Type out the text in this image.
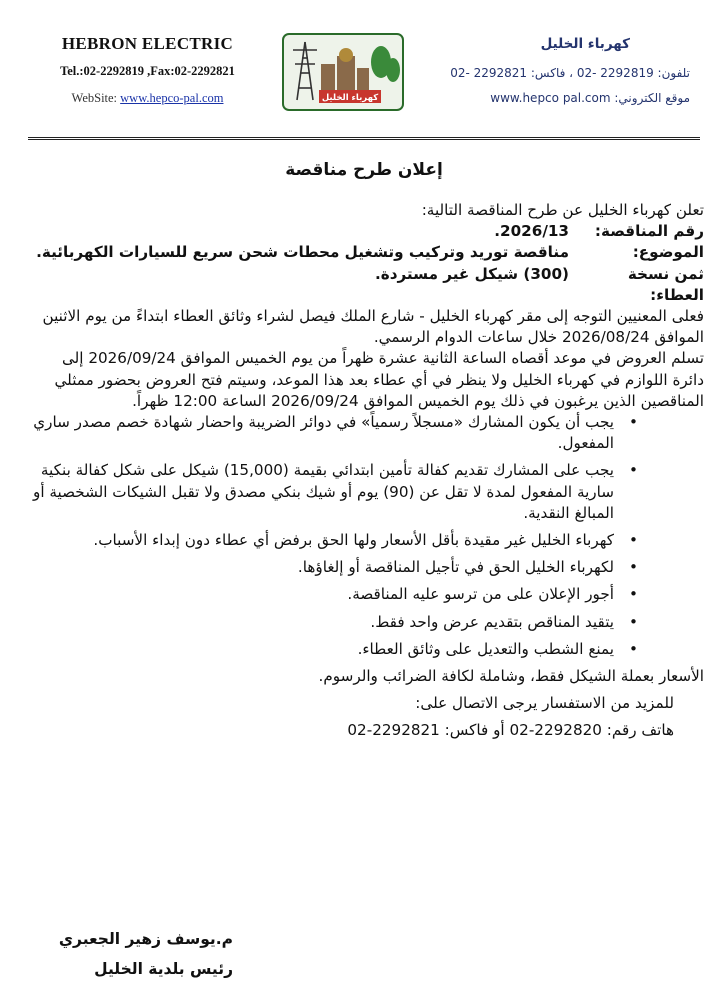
HEBRON ELECTRIC
Tel.:02-2292819 ,Fax:02-2292821
WebSite: www.hepco-pal.com	كهرباء الخليل
كهرباء الخليل
تلفون: 2292819 -02 ، فاكس: 2292821 -02
موقع الكتروني: www.hepco pal.com
إعلان طرح مناقصة

تعلن كهرباء الخليل عن طرح المناقصة التالية:

رقم المناقصة:
2026/13.
الموضوع:
مناقصة توريد وتركيب وتشغيل محطات شحن سريع للسيارات الكهربائية.
ثمن نسخة العطاء:
(300) شيكل غير مستردة.

فعلى المعنيين التوجه إلى مقر كهرباء الخليل - شارع الملك فيصل لشراء وثائق العطاء ابتداءً من يوم الاثنين الموافق 2026/08/24 خلال ساعات الدوام الرسمي.

تسلم العروض في موعد أقصاه الساعة الثانية عشرة ظهراً من يوم الخميس الموافق 2026/09/24 إلى دائرة اللوازم في كهرباء الخليل ولا ينظر في أي عطاء بعد هذا الموعد، وسيتم فتح العروض بحضور ممثلي المناقصين الذين يرغبون في ذلك يوم الخميس الموافق 2026/09/24 الساعة 12:00 ظهراً.

•
يجب أن يكون المشارك «مسجلاً رسمياً» في دوائر الضريبة واحضار شهادة خصم مصدر ساري المفعول.
•
يجب على المشارك تقديم كفالة تأمين ابتدائي بقيمة (15,000) شيكل على شكل كفالة بنكية سارية المفعول لمدة لا تقل عن (90) يوم أو شيك بنكي مصدق ولا تقبل الشيكات الشخصية أو المبالغ النقدية.
•
كهرباء الخليل غير مقيدة بأقل الأسعار ولها الحق برفض أي عطاء دون إبداء الأسباب.
•
لكهرباء الخليل الحق في تأجيل المناقصة أو إلغاؤها.
•
أجور الإعلان على من ترسو عليه المناقصة.
•
يتقيد المناقص بتقديم عرض واحد فقط.
•
يمنع الشطب والتعديل على وثائق العطاء.

الأسعار بعملة الشيكل فقط، وشاملة لكافة الضرائب والرسوم.

للمزيد من الاستفسار يرجى الاتصال على:

هاتف رقم: 2292820-02 أو فاكس: 2292821-02

م.يوسف زهير الجعبري
رئيس بلدية الخليل
